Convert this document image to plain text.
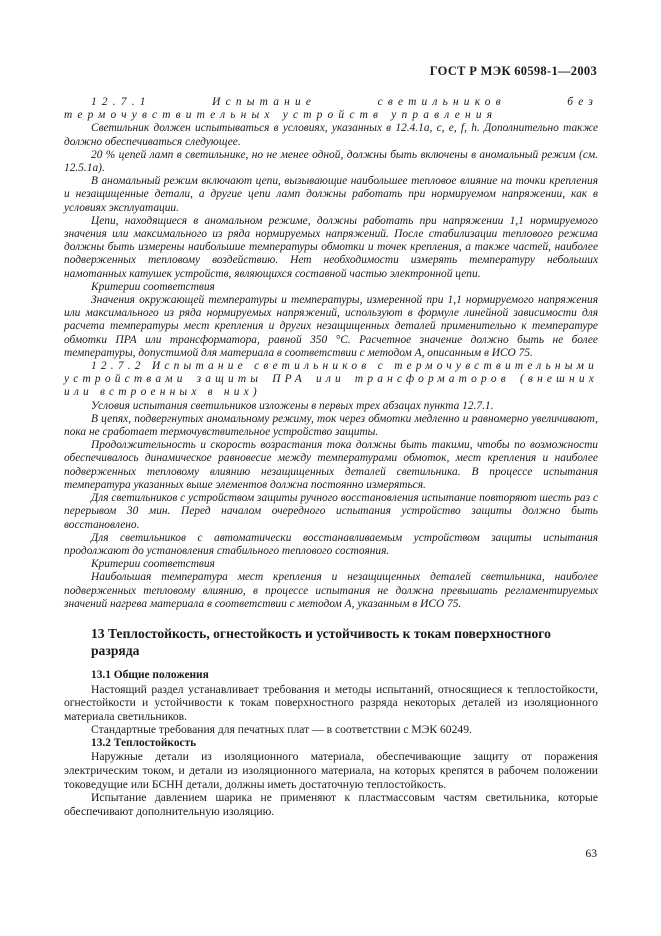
ГОСТ Р МЭК 60598-1—2003

12.7.1 Испытание светильников без термочувствительных устройств управления

Светильник должен испытываться в условиях, указанных в 12.4.1а, с, е, f, h. Дополнительно также должно обеспечиваться следующее.

20 % цепей ламп в светильнике, но не менее одной, должны быть включены в аномальный режим (см. 12.5.1а).

В аномальный режим включают цепи, вызывающие наибольшее тепловое влияние на точки крепления и незащищенные детали, а другие цепи ламп должны работать при нормируемом напряжении, как в условиях эксплуатации.

Цепи, находящиеся в аномальном режиме, должны работать при напряжении 1,1 нормируемого значения или максимального из ряда нормируемых напряжений. После стабилизации теплового режима должны быть измерены наибольшие температуры обмотки и точек крепления, а также частей, наиболее подверженных тепловому воздействию. Нет необходимости измерять температуру небольших намотанных катушек устройств, являющихся составной частью электронной цепи.

Критерии соответствия

Значения окружающей температуры и температуры, измеренной при 1,1 нормируемого напряжения или максимального из ряда нормируемых напряжений, используют в формуле линейной зависимости для расчета температуры мест крепления и других незащищенных деталей применительно к температуре обмотки ПРА или трансформатора, равной 350 °С. Расчетное значение должно быть не более температуры, допустимой для материала в соответствии с методом А, описанным в ИСО 75.

12.7.2 Испытание светильников с термочувствительными устройствами защиты ПРА или трансформаторов (внешних или встроенных в них)

Условия испытания светильников изложены в первых трех абзацах пункта 12.7.1.

В цепях, подвергнутых аномальному режиму, ток через обмотки медленно и равномерно увеличивают, пока не сработает термочувствительное устройство защиты.

Продолжительность и скорость возрастания тока должны быть такими, чтобы по возможности обеспечивалось динамическое равновесие между температурами обмоток, мест крепления и наиболее подверженных тепловому влиянию незащищенных деталей светильника. В процессе испытания температура указанных выше элементов должна постоянно измеряться.

Для светильников с устройством защиты ручного восстановления испытание повторяют шесть раз с перерывом 30 мин. Перед началом очередного испытания устройство защиты должно быть восстановлено.

Для светильников с автоматически восстанавливаемым устройством защиты испытания продолжают до установления стабильного теплового состояния.

Критерии соответствия

Наибольшая температура мест крепления и незащищенных деталей светильника, наиболее подверженных тепловому влиянию, в процессе испытания не должна превышать регламентируемых значений нагрева материала в соответствии с методом А, указанным в ИСО 75.

13 Теплостойкость, огнестойкость и устойчивость к токам поверхностного разряда

13.1 Общие положения

Настоящий раздел устанавливает требования и методы испытаний, относящиеся к теплостойкости, огнестойкости и устойчивости к токам поверхностного разряда некоторых деталей из изоляционного материала светильников.

Стандартные требования для печатных плат — в соответствии с МЭК 60249.

13.2 Теплостойкость

Наружные детали из изоляционного материала, обеспечивающие защиту от поражения электрическим током, и детали из изоляционного материала, на которых крепятся в рабочем положении токоведущие или БСНН детали, должны иметь достаточную теплостойкость.

Испытание давлением шарика не применяют к пластмассовым частям светильника, которые обеспечивают дополнительную изоляцию.

63
